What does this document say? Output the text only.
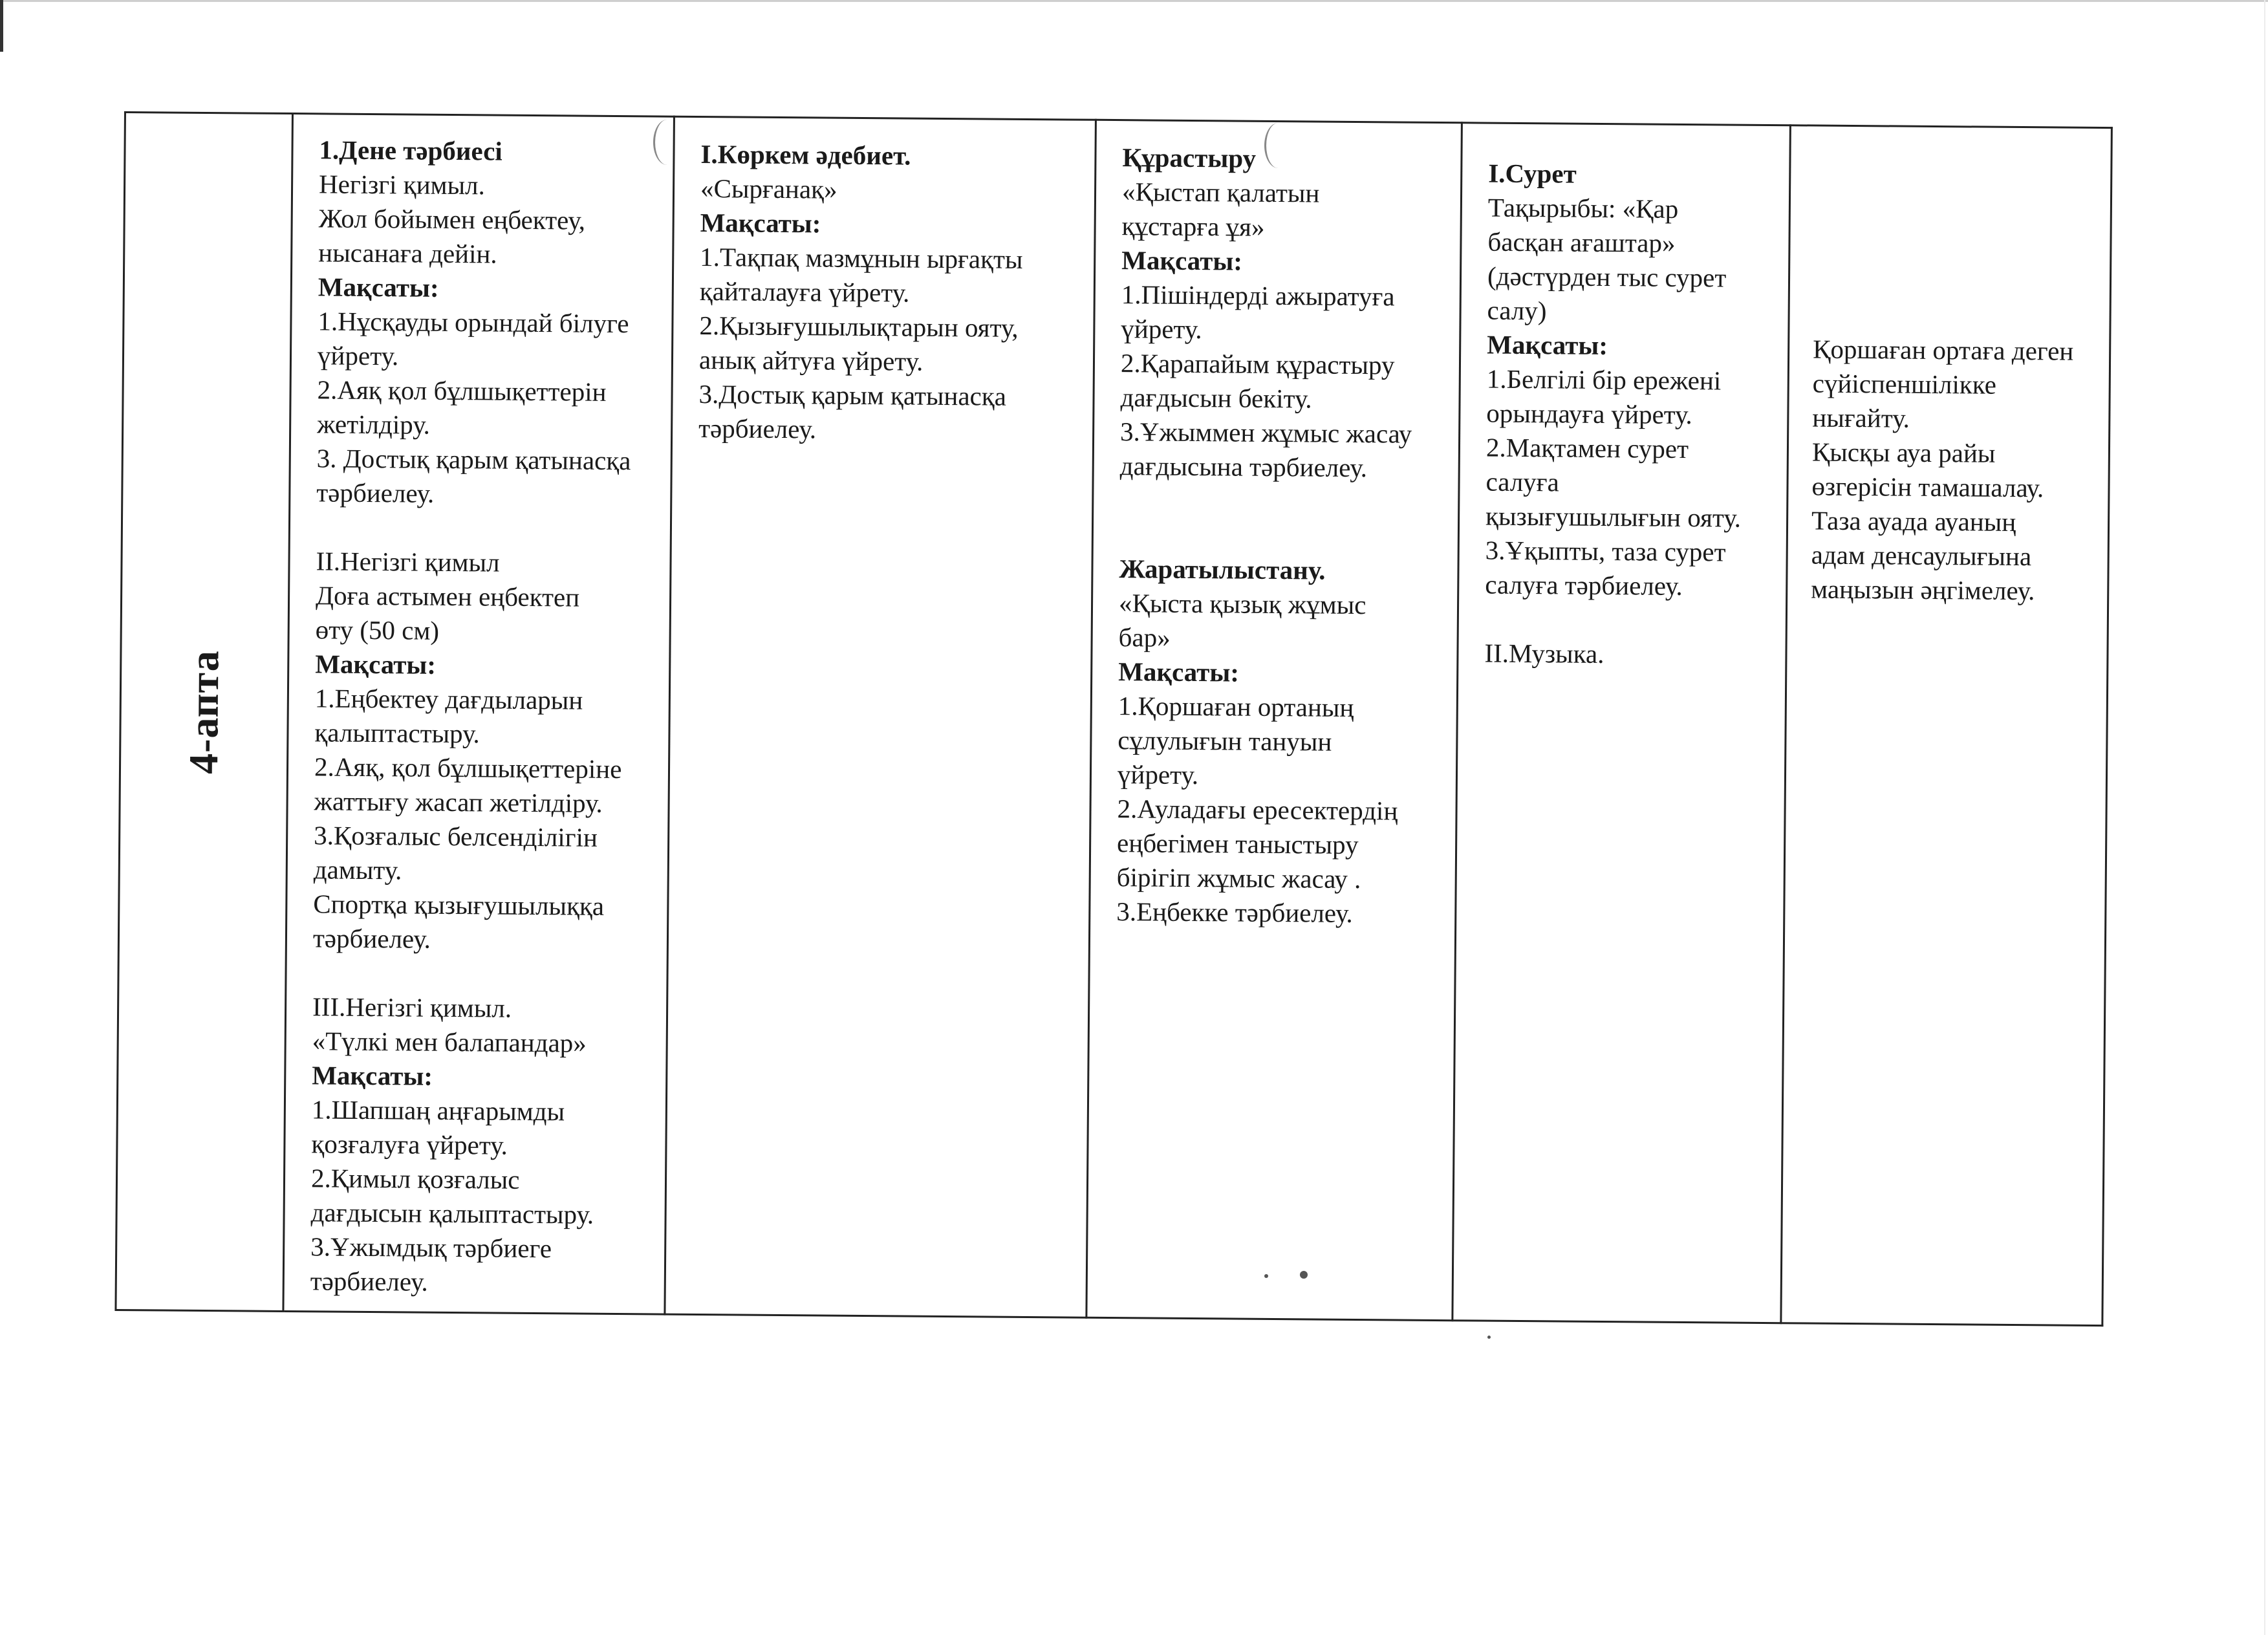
4-апта
1.Дене тәрбиесі
Негізгі қимыл.
Жол бойымен еңбектеу,
нысанаға дейін.
Мақсаты:
1.Нұсқауды орындай білуге
үйрету.
2.Аяқ қол бұлшықеттерін
жетілдіру.
3. Достық қарым қатынасқа
тәрбиелеу.
ІІ.Негізгі қимыл
Доға астымен еңбектеп
өту (50 см)
Мақсаты:
1.Еңбектеу дағдыларын
қалыптастыру.
2.Аяқ, қол бұлшықеттеріне
жаттығу жасап жетілдіру.
3.Қозғалыс белсенділігін
дамыту.
Спортқа қызығушылыққа
тәрбиелеу.
ІІІ.Негізгі қимыл.
«Түлкі мен балапандар»
Мақсаты:
1.Шапшаң аңғарымды
қозғалуға үйрету.
2.Қимыл қозғалыс
дағдысын қалыптастыру.
3.Ұжымдық тәрбиеге
тәрбиелеу.
І.Көркем әдебиет.
«Сырғанақ»
Мақсаты:
1.Тақпақ мазмұнын ырғақты
қайталауға үйрету.
2.Қызығушылықтарын ояту,
анық айтуға үйрету.
3.Достық қарым қатынасқа
тәрбиелеу.
Құрастыру
«Қыстап қалатын
құстарға ұя»
Мақсаты:
1.Пішіндерді ажыратуға
үйрету.
2.Қарапайым құрастыру
дағдысын бекіту.
3.Ұжыммен жұмыс жасау
дағдысына тәрбиелеу.
Жаратылыстану.
«Қыста қызық жұмыс
бар»
Мақсаты:
1.Қоршаған ортаның
сұлулығын тануын
үйрету.
2.Ауладағы ересектердің
еңбегімен таныстыру
бірігіп жұмыс жасау .
3.Еңбекке тәрбиелеу.
І.Сурет
Тақырыбы: «Қар
басқан ағаштар»
(дәстүрден тыс сурет
салу)
Мақсаты:
1.Белгілі бір ережені
орындауға үйрету.
2.Мақтамен сурет
салуға
қызығушылығын ояту.
3.Ұқыпты, таза сурет
салуға тәрбиелеу.
ІІ.Музыка.
Қоршаған ортаға деген
сүйіспеншілікке
нығайту.
Қысқы ауа райы
өзгерісін тамашалау.
Таза ауада ауаның
адам денсаулығына
маңызын әңгімелеу.
